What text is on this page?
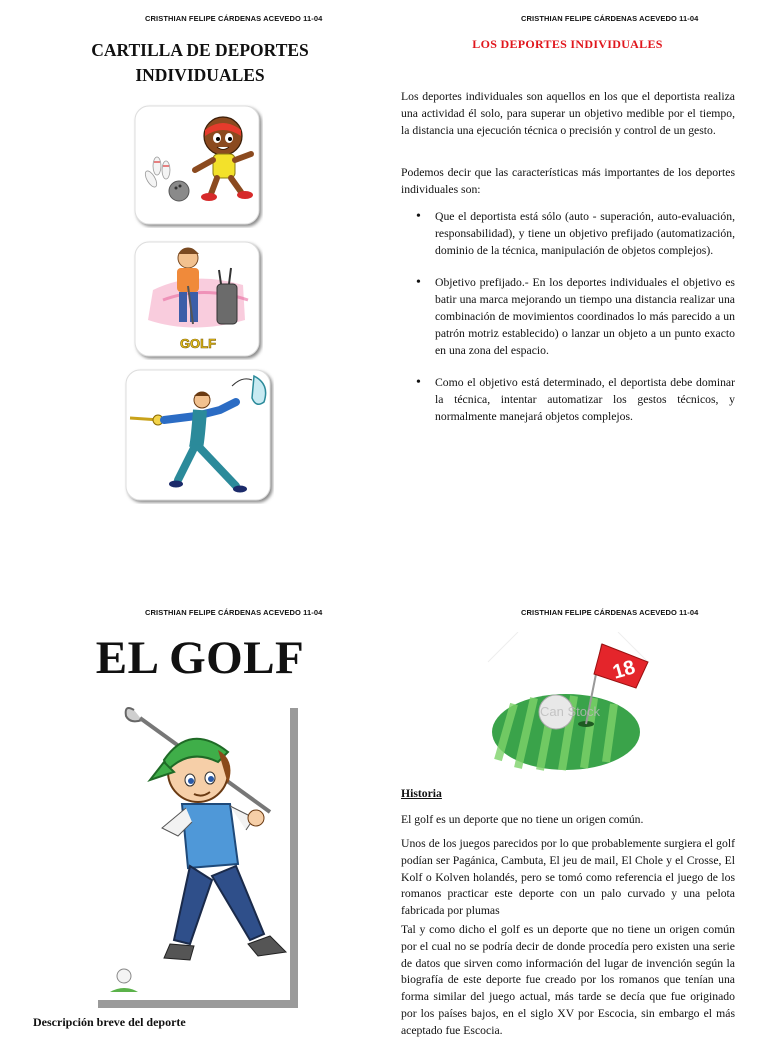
CRISTHIAN FELIPE CÁRDENAS ACEVEDO 11-04
CARTILLA DE DEPORTES
INDIVIDUALES
GOLF
CRISTHIAN FELIPE CÁRDENAS ACEVEDO 11-04
LOS DEPORTES INDIVIDUALES
Los deportes individuales son aquellos en los que el deportista realiza una actividad él solo, para superar un objetivo medible por el tiempo, la distancia una ejecución técnica o precisión y control de un gesto.
Podemos decir que las características más importantes de los deportes individuales son:
• Que el deportista está sólo (auto - superación, auto-evaluación, responsabilidad), y tiene un objetivo prefijado (automatización, dominio de la técnica, manipulación de objetos complejos).
• Objetivo prefijado.- En los deportes individuales el objetivo es batir una marca mejorando un tiempo una distancia realizar una combinación de movimientos coordinados lo más parecido a un patrón motriz establecido) o lanzar un objeto a un punto exacto en una zona del espacio.
• Como el objetivo está determinado, el deportista debe dominar la técnica, intentar automatizar los gestos técnicos, y normalmente manejará objetos complejos.
CRISTHIAN FELIPE CÁRDENAS ACEVEDO 11-04
EL GOLF
Descripción breve del deporte
CRISTHIAN FELIPE CÁRDENAS ACEVEDO 11-04
18
Can Stock
Historia
El golf es un deporte que no tiene un origen común.
Unos de los juegos parecidos por lo que probablemente surgiera el golf podían ser Pagánica, Cambuta, El jeu de mail, El Chole y el Crosse, El Kolf o Kolven holandés, pero se tomó como referencia el juego de los romanos practicar este deporte con un palo curvado y una pelota fabricada por plumas
Tal y como dicho el golf es un deporte que no tiene un origen común por el cual no se podría decir de donde procedía pero existen una serie de datos que sirven como información del lugar de invención según la biografía de este deporte fue creado por los romanos que tenían una forma similar del juego actual, más tarde se decía que fue originado por los países bajos, en el siglo XV por Escocia, sin embargo el más aceptado fue Escocia.
